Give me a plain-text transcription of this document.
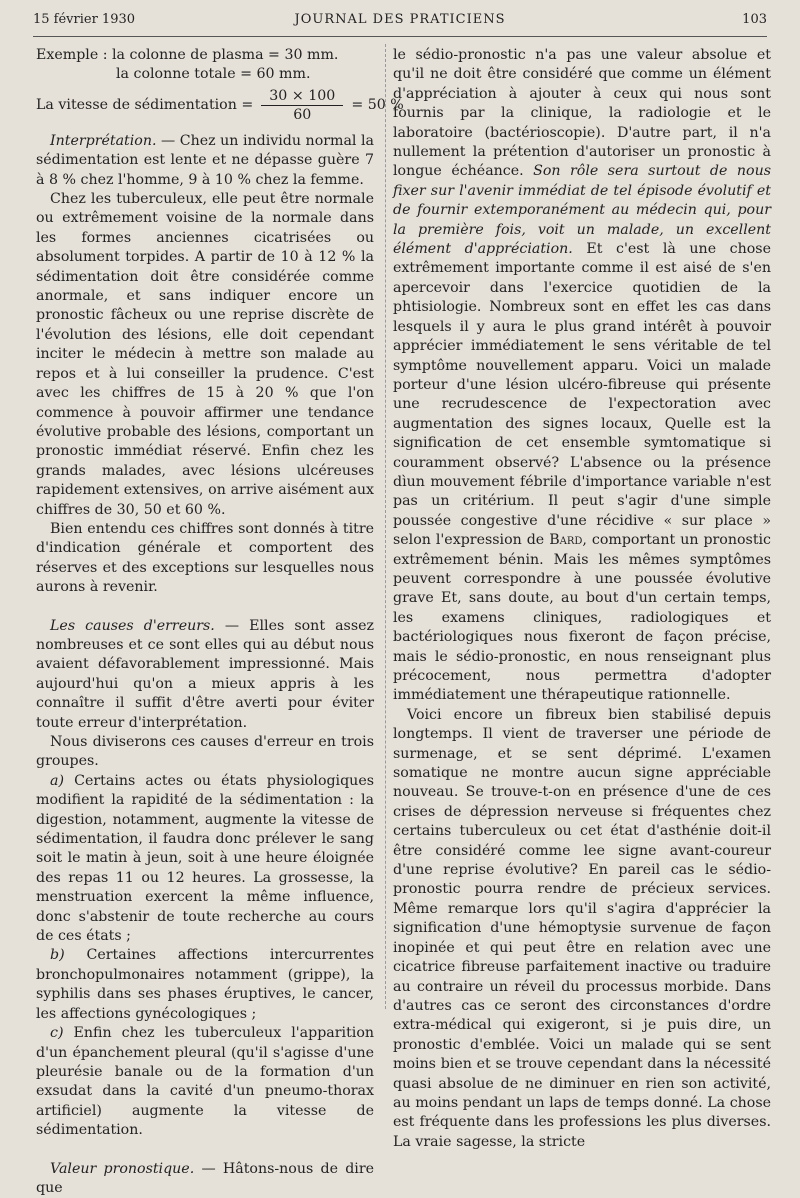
15 février 1930	JOURNAL DES PRATICIENS	103
Exemple : la colonne de plasma = 30 mm.
la colonne totale = 60 mm.
La vitesse de sédimentation = $\frac{30 \times 100}{60} = 50$ %

Interprétation. — Chez un individu normal la sédimentation est lente et ne dépasse guère 7 à 8 % chez l'homme, 9 à 10 % chez la femme.

Chez les tuberculeux, elle peut être normale ou extrêmement voisine de la normale dans les formes anciennes cicatrisées ou absolument torpides. A partir de 10 à 12 % la sédimentation doit être considérée comme anormale, et sans indiquer encore un pronostic fâcheux ou une reprise discrète de l'évolution des lésions, elle doit cependant inciter le médecin à mettre son malade au repos et à lui conseiller la prudence. C'est avec les chiffres de 15 à 20 % que l'on commence à pouvoir affirmer une tendance évolutive probable des lésions, comportant un pronostic immédiat réservé. Enfin chez les grands malades, avec lésions ulcéreuses rapidement extensives, on arrive aisément aux chiffres de 30, 50 et 60 %.

Bien entendu ces chiffres sont donnés à titre d'indication générale et comportent des réserves et des exceptions sur lesquelles nous aurons à revenir.

Les causes d'erreurs. — Elles sont assez nombreuses et ce sont elles qui au début nous avaient défavorablement impressionné. Mais aujourd'hui qu'on a mieux appris à les connaître il suffit d'être averti pour éviter toute erreur d'interprétation.

Nous diviserons ces causes d'erreur en trois groupes.

a) Certains actes ou états physiologiques modifient la rapidité de la sédimentation : la digestion, notamment, augmente la vitesse de sédimentation, il faudra donc prélever le sang soit le matin à jeun, soit à une heure éloignée des repas 11 ou 12 heures. La grossesse, la menstruation exercent la même influence, donc s'abstenir de toute recherche au cours de ces états ;

b) Certaines affections intercurrentes bronchopulmonaires notamment (grippe), la syphilis dans ses phases éruptives, le cancer, les affections gynécologiques ;

c) Enfin chez les tuberculeux l'apparition d'un épanchement pleural (qu'il s'agisse d'une pleurésie banale ou de la formation d'un exsudat dans la cavité d'un pneumo-thorax artificiel) augmente la vitesse de sédimentation.

Valeur pronostique. — Hâtons-nous de dire que

le sédio-pronostic n'a pas une valeur absolue et qu'il ne doit être considéré que comme un élément d'appréciation à ajouter à ceux qui nous sont fournis par la clinique, la radiologie et le laboratoire (bactérioscopie). D'autre part, il n'a nullement la prétention d'autoriser un pronostic à longue échéance. Son rôle sera surtout de nous fixer sur l'avenir immédiat de tel épisode évolutif et de fournir extemporanément au médecin qui, pour la première fois, voit un malade, un excellent élément d'appréciation. Et c'est là une chose extrêmement importante comme il est aisé de s'en apercevoir dans l'exercice quotidien de la phtisiologie. Nombreux sont en effet les cas dans lesquels il y aura le plus grand intérêt à pouvoir apprécier immédiatement le sens véritable de tel symptôme nouvellement apparu. Voici un malade porteur d'une lésion ulcéro-fibreuse qui présente une recrudescence de l'expectoration avec augmentation des signes locaux, Quelle est la signification de cet ensemble symtomatique si couramment observé? L'absence ou la présence dìun mouvement fébrile d'importance variable n'est pas un critérium. Il peut s'agir d'une simple poussée congestive d'une récidive « sur place » selon l'expression de Bard, comportant un pronostic extrêmement bénin. Mais les mêmes symptômes peuvent correspondre à une poussée évolutive grave Et, sans doute, au bout d'un certain temps, les examens cliniques, radiologiques et bactériologiques nous fixeront de façon précise, mais le sédio-pronostic, en nous renseignant plus précocement, nous permettra d'adopter immédiatement une thérapeutique rationnelle.

Voici encore un fibreux bien stabilisé depuis longtemps. Il vient de traverser une période de surmenage, et se sent déprimé. L'examen somatique ne montre aucun signe appréciable nouveau. Se trouve-t-on en présence d'une de ces crises de dépression nerveuse si fréquentes chez certains tuberculeux ou cet état d'asthénie doit-il être considéré comme lee signe avant-coureur d'une reprise évolutive? En pareil cas le sédio-pronostic pourra rendre de précieux services. Même remarque lors qu'il s'agira d'apprécier la signification d'une hémoptysie survenue de façon inopinée et qui peut être en relation avec une cicatrice fibreuse parfaitement inactive ou traduire au contraire un réveil du processus morbide. Dans d'autres cas ce seront des circonstances d'ordre extra-médical qui exigeront, si je puis dire, un pronostic d'emblée. Voici un malade qui se sent moins bien et se trouve cependant dans la nécessité quasi absolue de ne diminuer en rien son activité, au moins pendant un laps de temps donné. La chose est fréquente dans les professions les plus diverses. La vraie sagesse, la stricte
